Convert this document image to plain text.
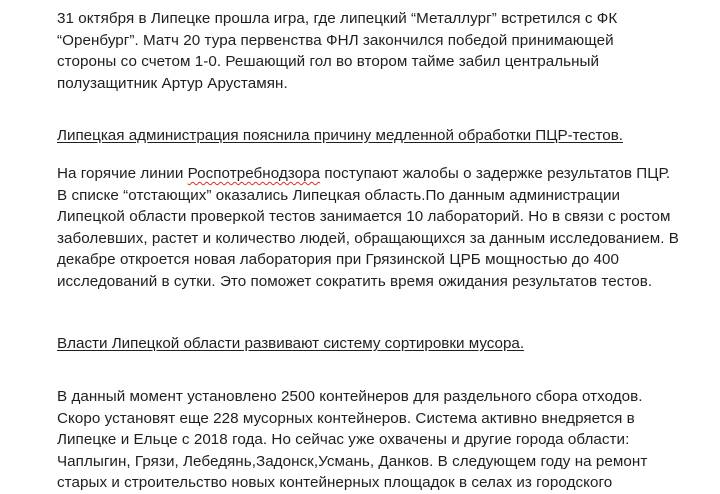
31 октября в Липецке прошла игра, где липецкий “Металлург” встретился с ФК
“Оренбург”. Матч 20 тура первенства ФНЛ закончился победой принимающей
стороны со счетом 1-0. Решающий гол во втором тайме забил центральный
полузащитник Артур Арустамян.
Липецкая администрация пояснила причину медленной обработки ПЦР-тестов.
На горячие линии Роспотребнодзора поступают жалобы о задержке результатов ПЦР.
В списке “отстающих” оказались Липецкая область.По данным администрации
Липецкой области проверкой тестов занимается 10 лабораторий. Но в связи с ростом
заболевших, растет и количество людей, обращающихся за данным исследованием. В
декабре откроется новая лаборатория при Грязинской ЦРБ мощностью до 400
исследований в сутки. Это поможет сократить время ожидания результатов тестов.
Власти Липецкой области развивают систему сортировки мусора.
В данный момент установлено 2500 контейнеров для раздельного сбора отходов.
Скоро установят еще 228 мусорных контейнеров. Система активно внедряется в
Липецке и Ельце с 2018 года. Но сейчас уже охвачены и другие города области:
Чаплыгин, Грязи, Лебедянь,Задонск,Усмань, Данков. В следующем году на ремонт
старых и строительство новых контейнерных площадок в селах из городского
